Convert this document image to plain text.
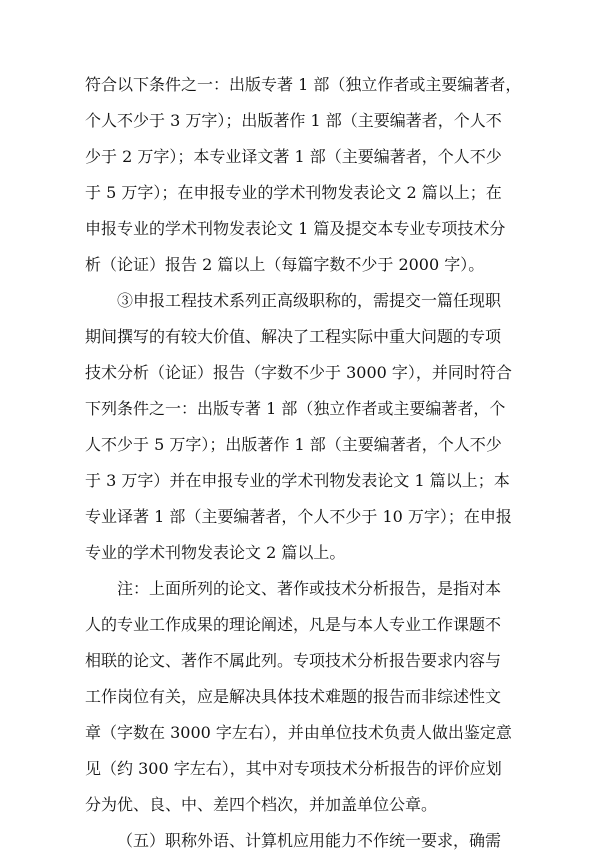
符合以下条件之一：出版专著 1 部（独立作者或主要编著者，
个人不少于 3 万字）；出版著作 1 部（主要编著者，个人不
少于 2 万字）；本专业译文著 1 部（主要编著者，个人不少
于 5 万字）；在申报专业的学术刊物发表论文 2 篇以上；在
申报专业的学术刊物发表论文 1 篇及提交本专业专项技术分
析（论证）报告 2 篇以上（每篇字数不少于 2000 字）。
③申报工程技术系列正高级职称的，需提交一篇任现职
期间撰写的有较大价值、解决了工程实际中重大问题的专项
技术分析（论证）报告（字数不少于 3000 字），并同时符合
下列条件之一：出版专著 1 部（独立作者或主要编著者，个
人不少于 5 万字）；出版著作 1 部（主要编著者，个人不少
于 3 万字）并在申报专业的学术刊物发表论文 1 篇以上；本
专业译著 1 部（主要编著者，个人不少于 10 万字）；在申报
专业的学术刊物发表论文 2 篇以上。
注：上面所列的论文、著作或技术分析报告，是指对本
人的专业工作成果的理论阐述，凡是与本人专业工作课题不
相联的论文、著作不属此列。专项技术分析报告要求内容与
工作岗位有关，应是解决具体技术难题的报告而非综述性文
章（字数在 3000 字左右），并由单位技术负责人做出鉴定意
见（约 300 字左右），其中对专项技术分析报告的评价应划
分为优、良、中、差四个档次，并加盖单位公章。
（五）职称外语、计算机应用能力不作统一要求，确需
